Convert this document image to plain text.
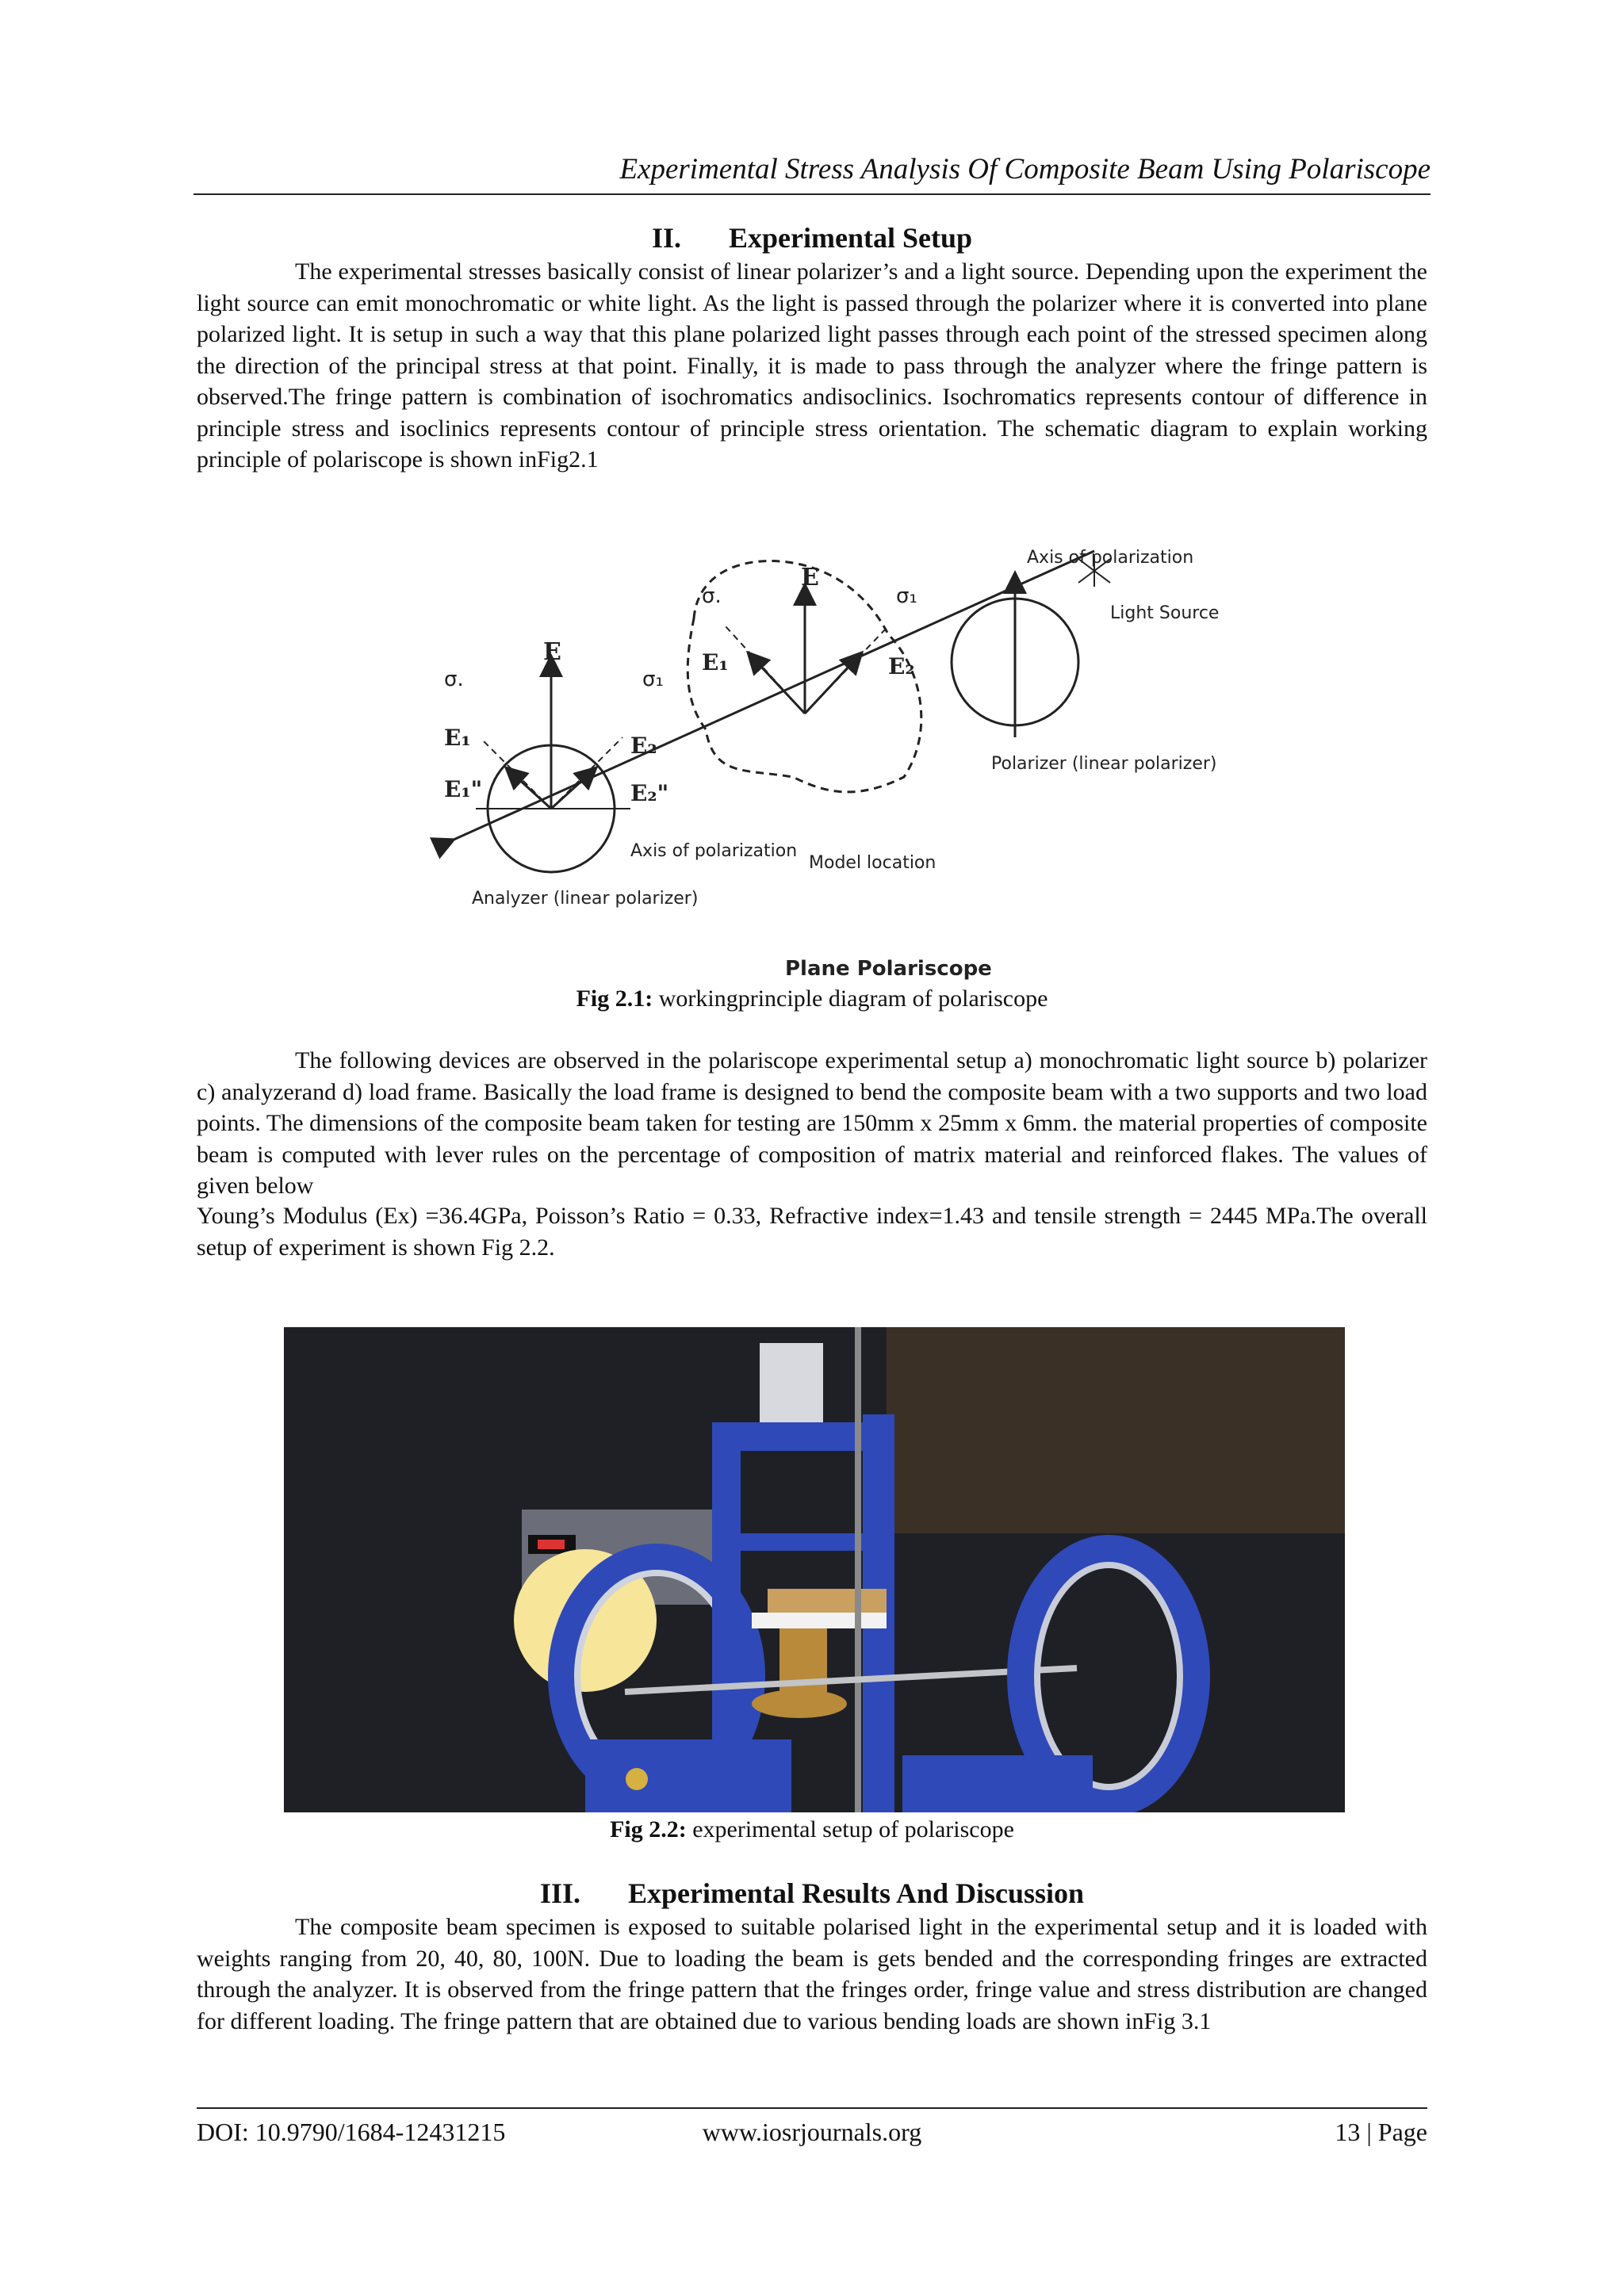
Experimental Stress Analysis Of Composite Beam Using Polariscope
II. Experimental Setup
The experimental stresses basically consist of linear polarizer’s and a light source. Depending upon the experiment the light source can emit monochromatic or white light. As the light is passed through the polarizer where it is converted into plane polarized light. It is setup in such a way that this plane polarized light passes through each point of the stressed specimen along the direction of the principal stress at that point. Finally, it is made to pass through the analyzer where the fringe pattern is observed.The fringe pattern is combination of isochromatics andisoclinics. Isochromatics represents contour of difference in principle stress and isoclinics represents contour of principle stress orientation. The schematic diagram to explain working principle of polariscope is shown inFig2.1
E
σ.	σ₁
E₁	E₂
E
σ.	σ₁
E₁
E₁"
E₂
E₂"
Axis of polarization
Light Source
Polarizer (linear polarizer)
Axis of polarization
Model location
Analyzer (linear polarizer)
Plane Polariscope
Fig 2.1: workingprinciple diagram of polariscope
The following devices are observed in the polariscope experimental setup a) monochromatic light source b) polarizer c) analyzerand d) load frame. Basically the load frame is designed to bend the composite beam with a two supports and two load points. The dimensions of the composite beam taken for testing are 150mm x 25mm x 6mm. the material properties of composite beam is computed with lever rules on the percentage of composition of matrix material and reinforced flakes. The values of given below
Young’s Modulus (Ex) =36.4GPa, Poisson’s Ratio = 0.33, Refractive index=1.43 and tensile strength = 2445 MPa.The overall setup of experiment is shown Fig 2.2.
Fig 2.2: experimental setup of polariscope
III. Experimental Results And Discussion
The composite beam specimen is exposed to suitable polarised light in the experimental setup and it is loaded with weights ranging from 20, 40, 80, 100N. Due to loading the beam is gets bended and the corresponding fringes are extracted through the analyzer. It is observed from the fringe pattern that the fringes order, fringe value and stress distribution are changed for different loading. The fringe pattern that are obtained due to various bending loads are shown inFig 3.1
DOI: 10.9790/1684-12431215	www.iosrjournals.org	13 | Page
